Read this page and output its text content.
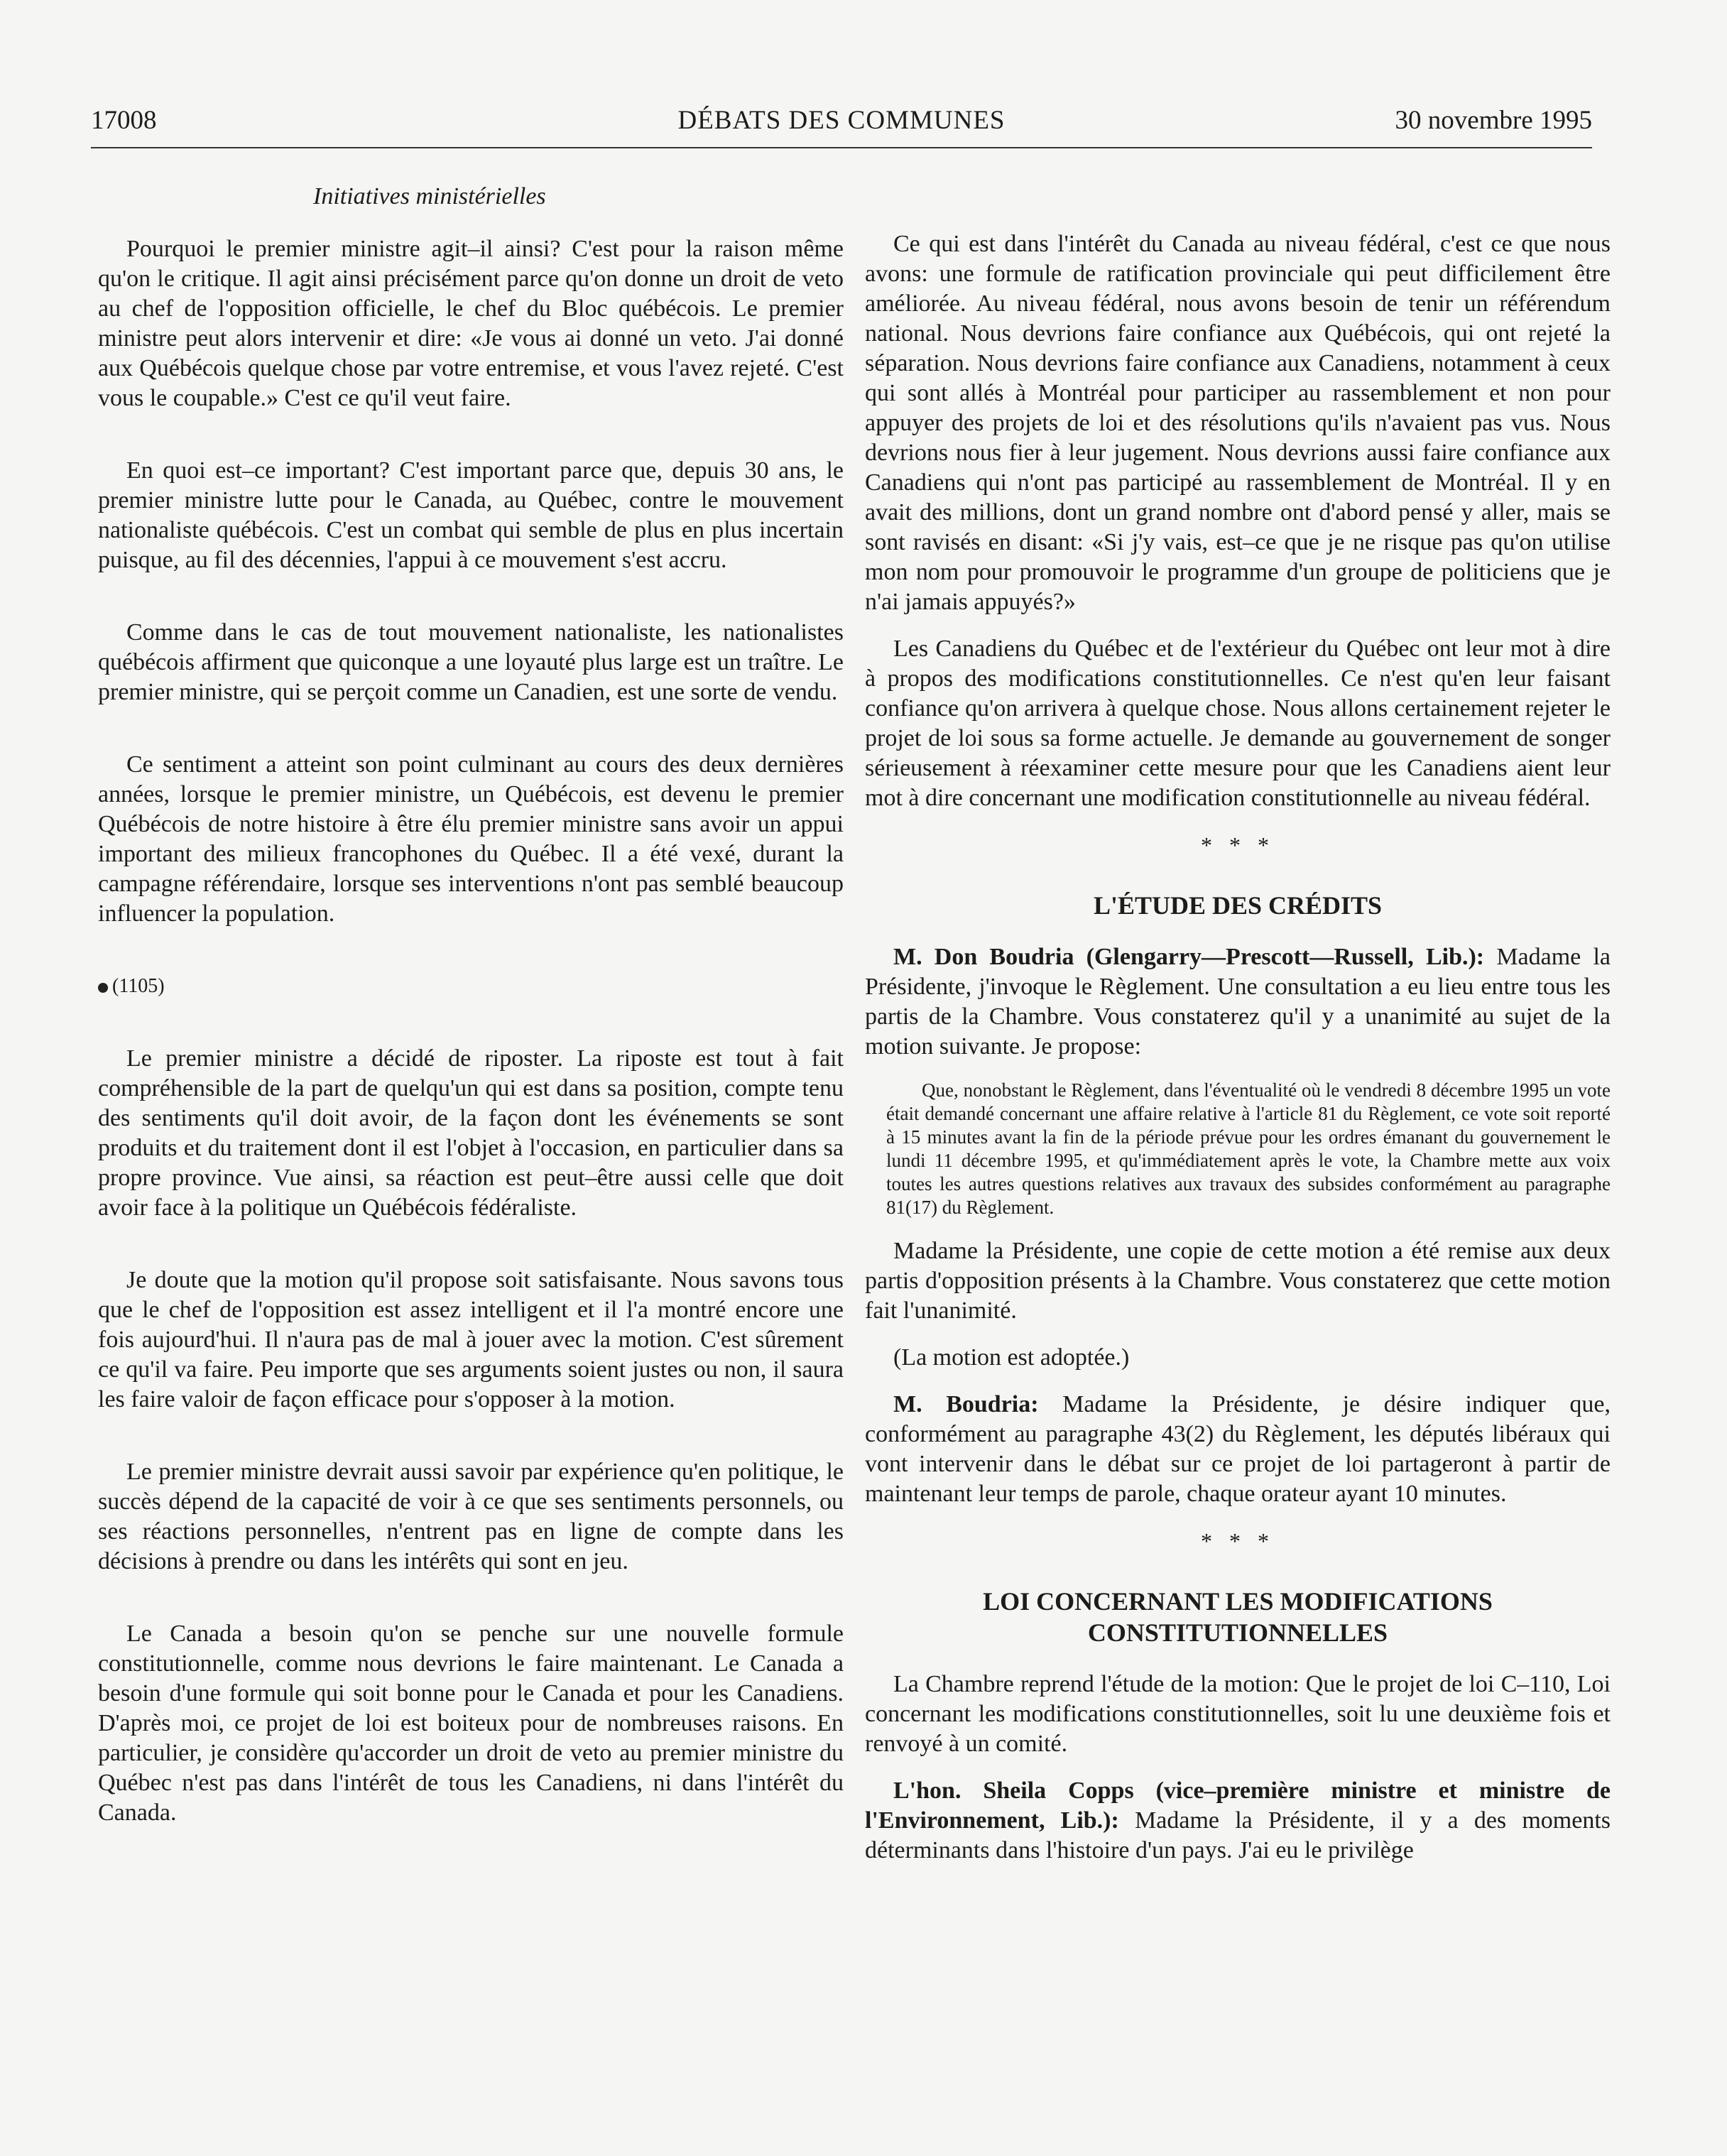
17008	DÉBATS DES COMMUNES	30 novembre 1995
Initiatives ministérielles

Pourquoi le premier ministre agit–il ainsi? C'est pour la raison même qu'on le critique. Il agit ainsi précisément parce qu'on donne un droit de veto au chef de l'opposition officielle, le chef du Bloc québécois. Le premier ministre peut alors intervenir et dire: «Je vous ai donné un veto. J'ai donné aux Québécois quelque chose par votre entremise, et vous l'avez rejeté. C'est vous le coupable.» C'est ce qu'il veut faire.

En quoi est–ce important? C'est important parce que, depuis 30 ans, le premier ministre lutte pour le Canada, au Québec, contre le mouvement nationaliste québécois. C'est un combat qui semble de plus en plus incertain puisque, au fil des décennies, l'appui à ce mouvement s'est accru.

Comme dans le cas de tout mouvement nationaliste, les nationalistes québécois affirment que quiconque a une loyauté plus large est un traître. Le premier ministre, qui se perçoit comme un Canadien, est une sorte de vendu.

Ce sentiment a atteint son point culminant au cours des deux dernières années, lorsque le premier ministre, un Québécois, est devenu le premier Québécois de notre histoire à être élu premier ministre sans avoir un appui important des milieux francophones du Québec. Il a été vexé, durant la campagne référendaire, lorsque ses interventions n'ont pas semblé beaucoup influencer la population.

(1105)

Le premier ministre a décidé de riposter. La riposte est tout à fait compréhensible de la part de quelqu'un qui est dans sa position, compte tenu des sentiments qu'il doit avoir, de la façon dont les événements se sont produits et du traitement dont il est l'objet à l'occasion, en particulier dans sa propre province. Vue ainsi, sa réaction est peut–être aussi celle que doit avoir face à la politique un Québécois fédéraliste.

Je doute que la motion qu'il propose soit satisfaisante. Nous savons tous que le chef de l'opposition est assez intelligent et il l'a montré encore une fois aujourd'hui. Il n'aura pas de mal à jouer avec la motion. C'est sûrement ce qu'il va faire. Peu importe que ses arguments soient justes ou non, il saura les faire valoir de façon efficace pour s'opposer à la motion.

Le premier ministre devrait aussi savoir par expérience qu'en politique, le succès dépend de la capacité de voir à ce que ses sentiments personnels, ou ses réactions personnelles, n'entrent pas en ligne de compte dans les décisions à prendre ou dans les intérêts qui sont en jeu.

Le Canada a besoin qu'on se penche sur une nouvelle formule constitutionnelle, comme nous devrions le faire maintenant. Le Canada a besoin d'une formule qui soit bonne pour le Canada et pour les Canadiens. D'après moi, ce projet de loi est boiteux pour de nombreuses raisons. En particulier, je considère qu'accorder un droit de veto au premier ministre du Québec n'est pas dans l'intérêt de tous les Canadiens, ni dans l'intérêt du Canada.

Ce qui est dans l'intérêt du Canada au niveau fédéral, c'est ce que nous avons: une formule de ratification provinciale qui peut difficilement être améliorée. Au niveau fédéral, nous avons besoin de tenir un référendum national. Nous devrions faire confiance aux Québécois, qui ont rejeté la séparation. Nous devrions faire confiance aux Canadiens, notamment à ceux qui sont allés à Montréal pour participer au rassemblement et non pour appuyer des projets de loi et des résolutions qu'ils n'avaient pas vus. Nous devrions nous fier à leur jugement. Nous devrions aussi faire confiance aux Canadiens qui n'ont pas participé au rassemblement de Montréal. Il y en avait des millions, dont un grand nombre ont d'abord pensé y aller, mais se sont ravisés en disant: «Si j'y vais, est–ce que je ne risque pas qu'on utilise mon nom pour promouvoir le programme d'un groupe de politiciens que je n'ai jamais appuyés?»

Les Canadiens du Québec et de l'extérieur du Québec ont leur mot à dire à propos des modifications constitutionnelles. Ce n'est qu'en leur faisant confiance qu'on arrivera à quelque chose. Nous allons certainement rejeter le projet de loi sous sa forme actuelle. Je demande au gouvernement de songer sérieusement à réexaminer cette mesure pour que les Canadiens aient leur mot à dire concernant une modification constitutionnelle au niveau fédéral.

* * *
L'ÉTUDE DES CRÉDITS

M. Don Boudria (Glengarry—Prescott—Russell, Lib.): Madame la Présidente, j'invoque le Règlement. Une consultation a eu lieu entre tous les partis de la Chambre. Vous constaterez qu'il y a unanimité au sujet de la motion suivante. Je propose:

Que, nonobstant le Règlement, dans l'éventualité où le vendredi 8 décembre 1995 un vote était demandé concernant une affaire relative à l'article 81 du Règlement, ce vote soit reporté à 15 minutes avant la fin de la période prévue pour les ordres émanant du gouvernement le lundi 11 décembre 1995, et qu'immédiatement après le vote, la Chambre mette aux voix toutes les autres questions relatives aux travaux des subsides conformément au paragraphe 81(17) du Règlement.

Madame la Présidente, une copie de cette motion a été remise aux deux partis d'opposition présents à la Chambre. Vous constaterez que cette motion fait l'unanimité.

(La motion est adoptée.)

M. Boudria: Madame la Présidente, je désire indiquer que, conformément au paragraphe 43(2) du Règlement, les députés libéraux qui vont intervenir dans le débat sur ce projet de loi partageront à partir de maintenant leur temps de parole, chaque orateur ayant 10 minutes.

* * *
LOI CONCERNANT LES MODIFICATIONS CONSTITUTIONNELLES

La Chambre reprend l'étude de la motion: Que le projet de loi C–110, Loi concernant les modifications constitutionnelles, soit lu une deuxième fois et renvoyé à un comité.

L'hon. Sheila Copps (vice–première ministre et ministre de l'Environnement, Lib.): Madame la Présidente, il y a des moments déterminants dans l'histoire d'un pays. J'ai eu le privilège
